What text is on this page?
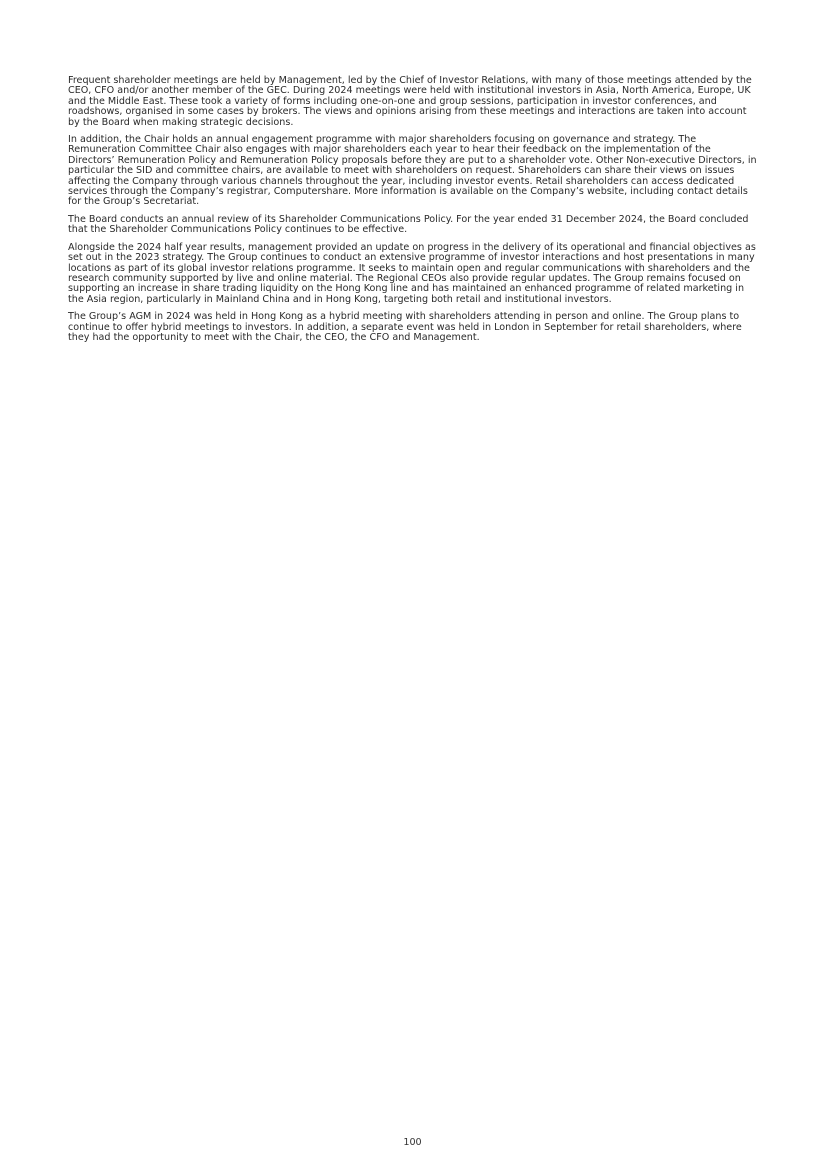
Frequent shareholder meetings are held by Management, led by the Chief of Investor Relations, with many of those meetings attended by the CEO, CFO and/or another member of the GEC. During 2024 meetings were held with institutional investors in Asia, North America, Europe, UK and the Middle East. These took a variety of forms including one-on-one and group sessions, participation in investor conferences, and roadshows, organised in some cases by brokers. The views and opinions arising from these meetings and interactions are taken into account by the Board when making strategic decisions.

In addition, the Chair holds an annual engagement programme with major shareholders focusing on governance and strategy. The Remuneration Committee Chair also engages with major shareholders each year to hear their feedback on the implementation of the Directors’ Remuneration Policy and Remuneration Policy proposals before they are put to a shareholder vote. Other Non-executive Directors, in particular the SID and committee chairs, are available to meet with shareholders on request. Shareholders can share their views on issues affecting the Company through various channels throughout the year, including investor events. Retail shareholders can access dedicated services through the Company’s registrar, Computershare. More information is available on the Company’s website, including contact details for the Group’s Secretariat.

The Board conducts an annual review of its Shareholder Communications Policy. For the year ended 31 December 2024, the Board concluded that the Shareholder Communications Policy continues to be effective.

Alongside the 2024 half year results, management provided an update on progress in the delivery of its operational and financial objectives as set out in the 2023 strategy. The Group continues to conduct an extensive programme of investor interactions and host presentations in many locations as part of its global investor relations programme. It seeks to maintain open and regular communications with shareholders and the research community supported by live and online material. The Regional CEOs also provide regular updates. The Group remains focused on supporting an increase in share trading liquidity on the Hong Kong line and has maintained an enhanced programme of related marketing in the Asia region, particularly in Mainland China and in Hong Kong, targeting both retail and institutional investors.

The Group’s AGM in 2024 was held in Hong Kong as a hybrid meeting with shareholders attending in person and online. The Group plans to continue to offer hybrid meetings to investors. In addition, a separate event was held in London in September for retail shareholders, where they had the opportunity to meet with the Chair, the CEO, the CFO and Management.

100
